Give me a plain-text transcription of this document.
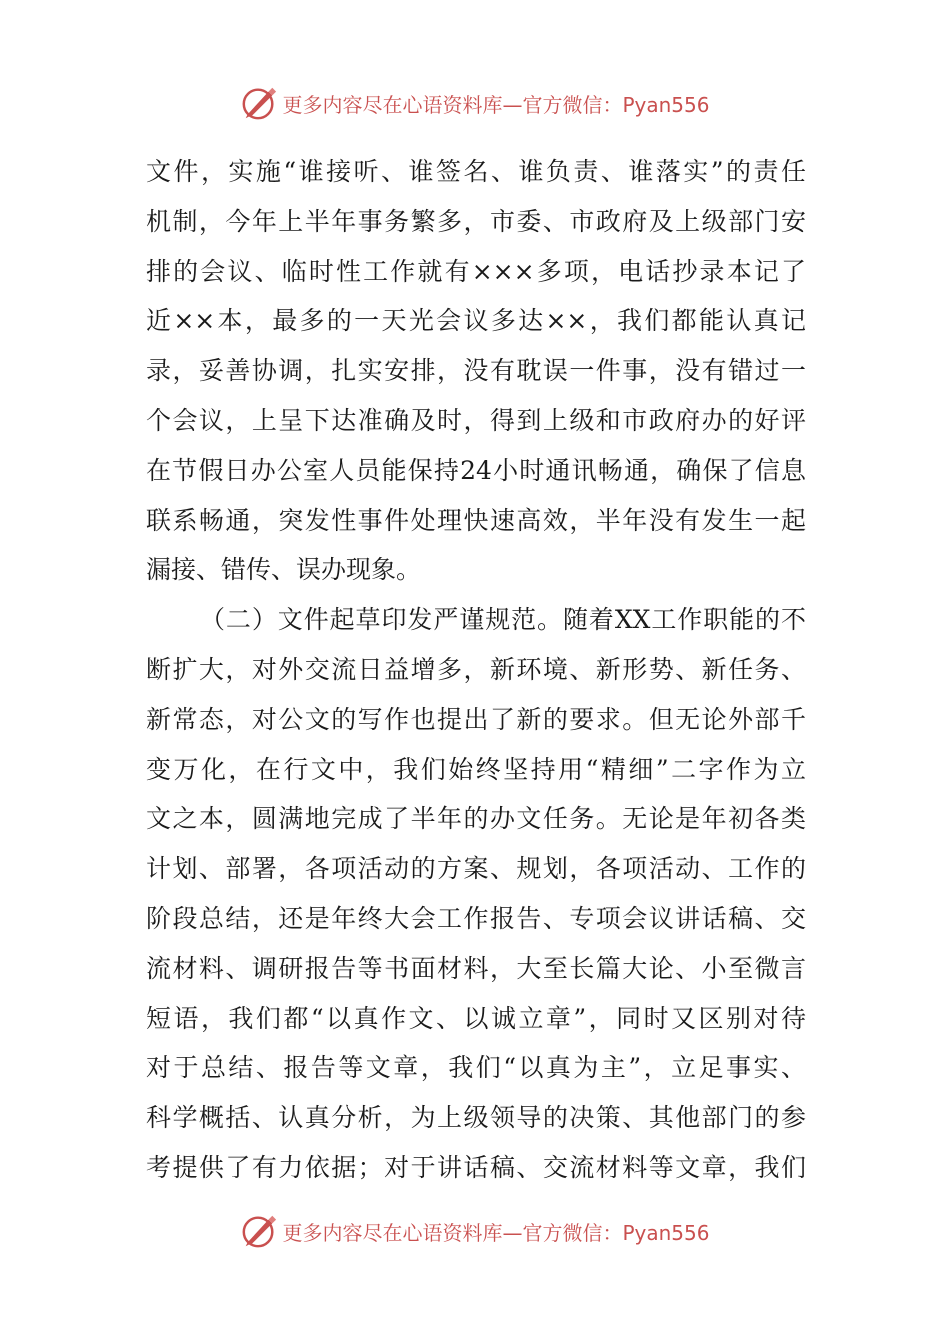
更多内容尽在心语资料库 —官方微信：Pyan556
文件，实施“谁接听、谁签名、谁负责、谁落实”的责任
机制，今年上半年事务繁多，市委、市政府及上级部门安
排的会议、临时性工作就有×××多项，电话抄录本记了
近××本，最多的一天光会议多达××，我们都能认真记
录，妥善协调，扎实安排，没有耽误一件事，没有错过一
个会议，上呈下达准确及时，得到上级和市政府办的好评
在节假日办公室人员能保持24小时通讯畅通，确保了信息
联系畅通，突发性事件处理快速高效，半年没有发生一起
漏接、错传、误办现象。
（二）文件起草印发严谨规范。随着XX工作职能的不
断扩大，对外交流日益增多，新环境、新形势、新任务、
新常态，对公文的写作也提出了新的要求。但无论外部千
变万化，在行文中，我们始终坚持用“精细”二字作为立
文之本，圆满地完成了半年的办文任务。无论是年初各类
计划、部署，各项活动的方案、规划，各项活动、工作的
阶段总结，还是年终大会工作报告、专项会议讲话稿、交
流材料、调研报告等书面材料，大至长篇大论、小至微言
短语，我们都“以真作文、以诚立章”，同时又区别对待
对于总结、报告等文章，我们“以真为主”，立足事实、
科学概括、认真分析，为上级领导的决策、其他部门的参
考提供了有力依据；对于讲话稿、交流材料等文章，我们
更多内容尽在心语资料库 —官方微信：Pyan556
